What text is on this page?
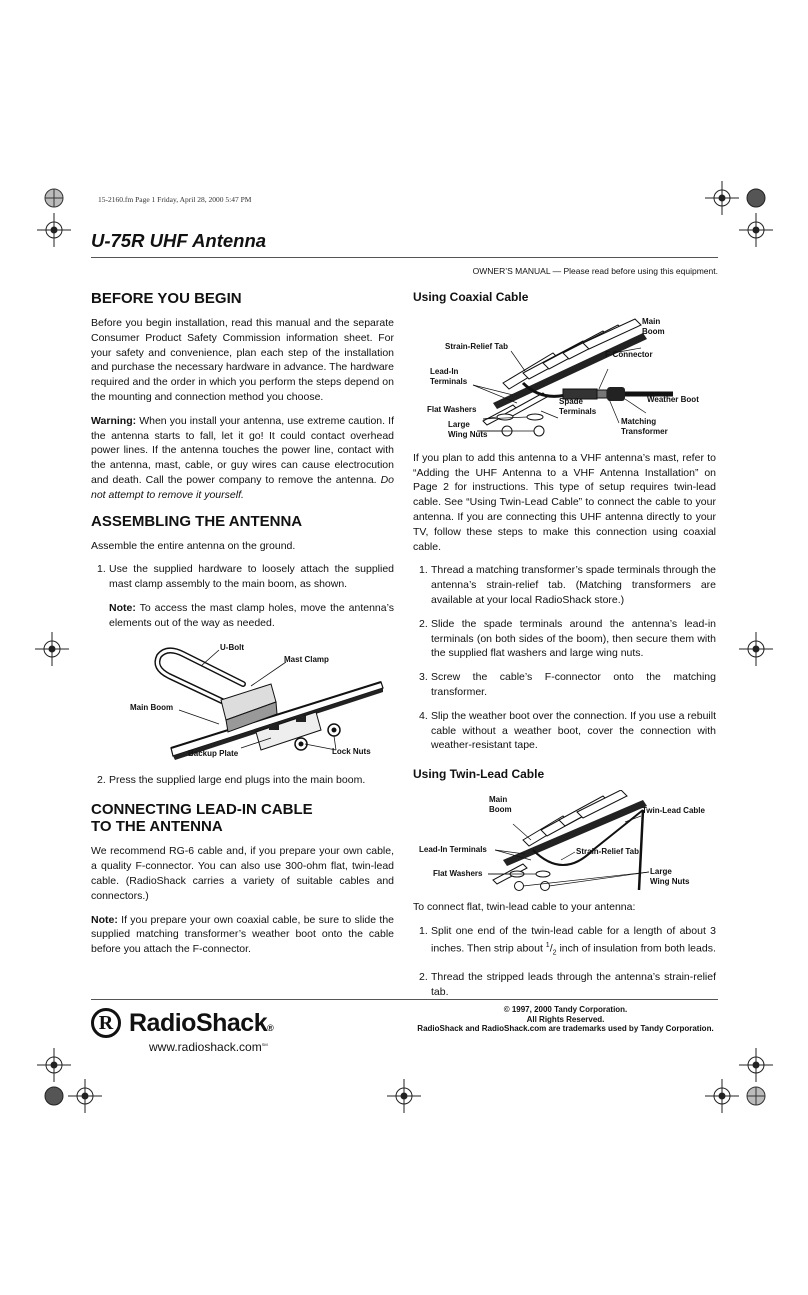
15-2160.fm Page 1 Friday, April 28, 2000 5:47 PM
U-75R UHF Antenna
OWNER’S MANUAL — Please read before using this equipment.
BEFORE YOU BEGIN

Before you begin installation, read this manual and the separate Consumer Product Safety Commission information sheet. For your safety and convenience, plan each step of the installation and purchase the necessary hardware in advance. The hardware required and the order in which you perform the steps depend on the mounting and connection method you choose.

Warning: When you install your antenna, use extreme caution. If the antenna starts to fall, let it go! It could contact overhead power lines. If the antenna touches the power line, contact with the antenna, mast, cable, or guy wires can cause electrocution and death. Call the power company to remove the antenna. Do not attempt to remove it yourself.

ASSEMBLING THE ANTENNA

Assemble the entire antenna on the ground.

1. Use the supplied hardware to loosely attach the supplied mast clamp assembly to the main boom, as shown.

Note: To access the mast clamp holes, move the antenna’s elements out of the way as needed.

U-Bolt
Mast Clamp
Main Boom
Backup Plate	Lock Nuts
2. Press the supplied large end plugs into the main boom.
CONNECTING LEAD-IN CABLE
TO THE ANTENNA

We recommend RG-6 cable and, if you prepare your own cable, a quality F-connector. You can also use 300-ohm flat, twin-lead cable. (RadioShack carries a variety of suitable cables and connectors.)

Note: If you prepare your own coaxial cable, be sure to slide the supplied matching transformer’s weather boot onto the cable before you attach the F-connector.

Using Coaxial Cable
Main
Boom
Strain-Relief Tab
F-Connector
Lead-In
Terminals
Weather Boot
Spade
Terminals
Flat Washers
Matching
Transformer
Large
Wing Nuts

If you plan to add this antenna to a VHF antenna’s mast, refer to “Adding the UHF Antenna to a VHF Antenna Installation” on Page 2 for instructions. This type of setup requires twin-lead cable. See “Using Twin-Lead Cable” to connect the cable to your antenna. If you are connecting this UHF antenna directly to your TV, follow these steps to make this connection using coaxial cable.

1. Thread a matching transformer’s spade terminals through the antenna’s strain-relief tab. (Matching transformers are available at your local RadioShack store.)
2. Slide the spade terminals around the antenna’s lead-in terminals (on both sides of the boom), then secure them with the supplied flat washers and large wing nuts.
3. Screw the cable’s F-connector onto the matching transformer.
4. Slip the weather boot over the connection. If you use a rebuilt cable without a weather boot, cover the connection with weather-resistant tape.
Using Twin-Lead Cable
Main
Boom	Twin-Lead Cable
Lead-In Terminals	Strain-Relief Tab
Flat Washers	Large
Wing Nuts

To connect flat, twin-lead cable to your antenna:

1. Split one end of the twin-lead cable for a length of about 3 inches. Then strip about $^1/_2$ inch of insulation from both leads.
2. Thread the stripped leads through the antenna’s strain-relief tab.
© 1997, 2000 Tandy Corporation.
All Rights Reserved.
RadioShack and RadioShack.com are trademarks used by Tandy Corporation.
R RadioShack®
www.radioshack.com℠
